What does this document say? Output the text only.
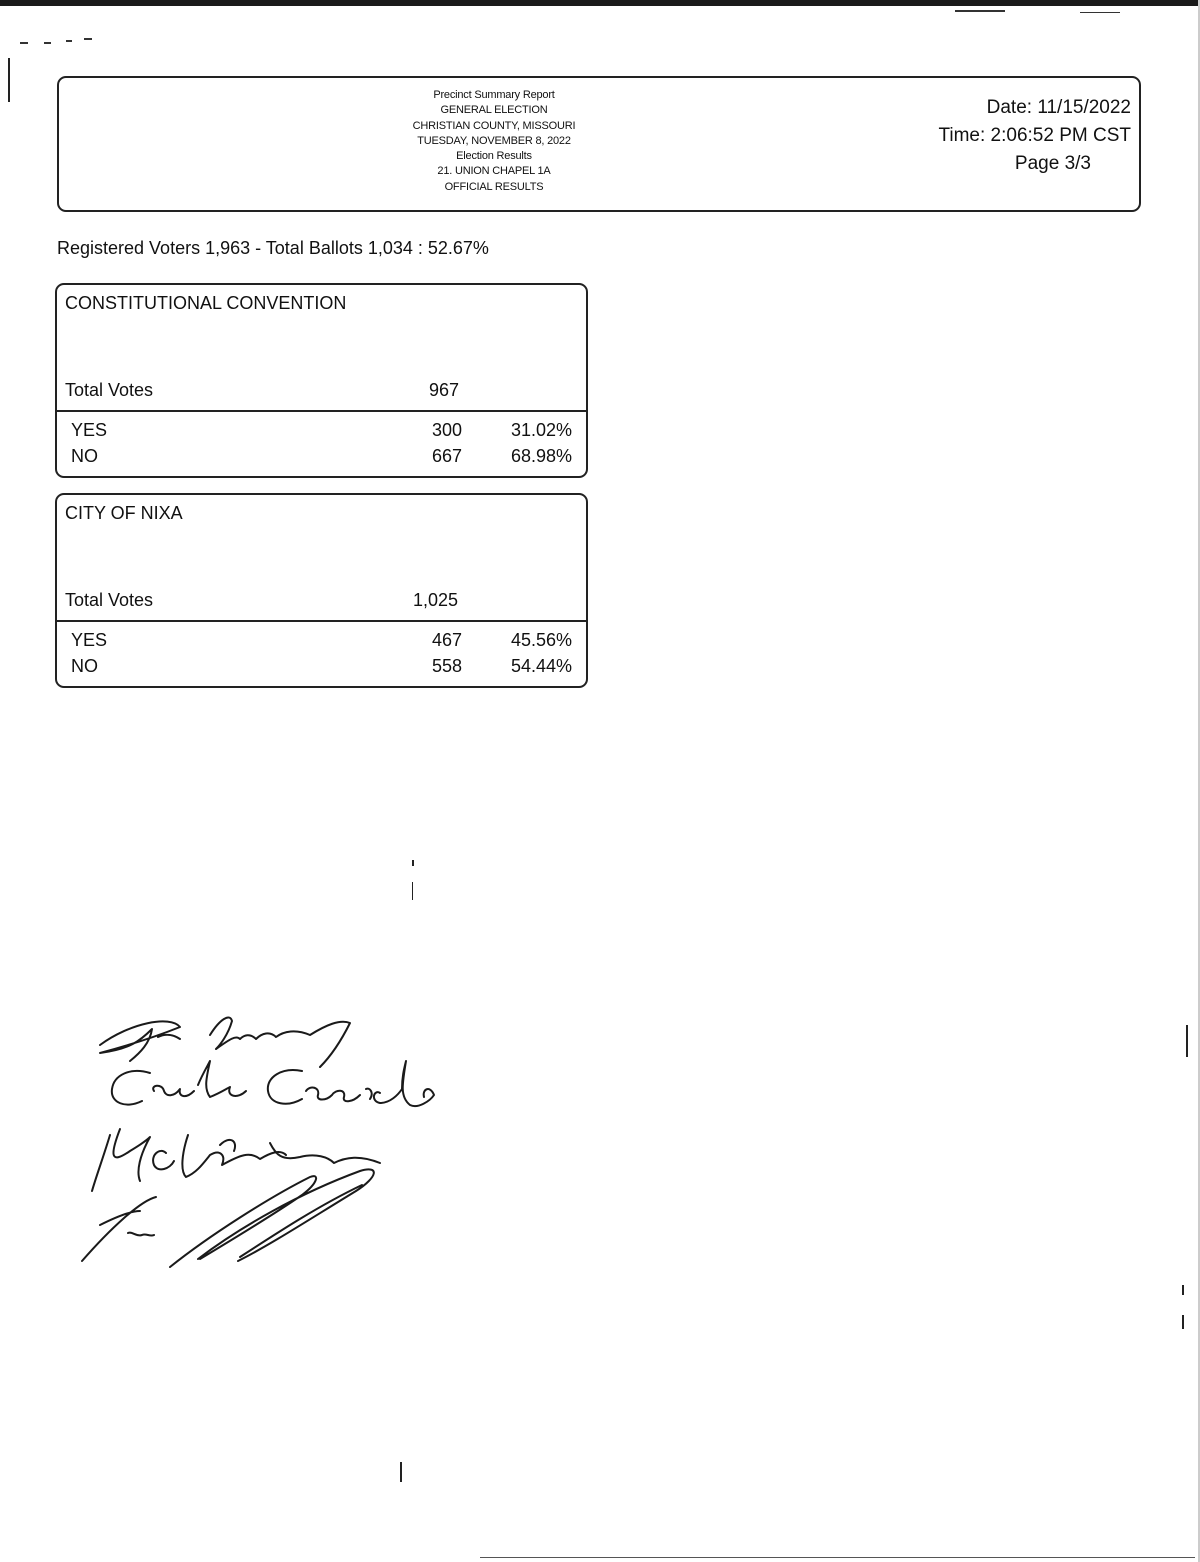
Precinct Summary Report
GENERAL ELECTION
CHRISTIAN COUNTY, MISSOURI
TUESDAY, NOVEMBER 8, 2022
Election Results
21. UNION CHAPEL 1A
OFFICIAL RESULTS
Date: 11/15/2022
Time: 2:06:52 PM CST
Page 3/3
Registered Voters 1,963 - Total Ballots 1,034 : 52.67%
CONSTITUTIONAL CONVENTION
Total Votes	967
YES	300	31.02%
NO	667	68.98%
CITY OF NIXA
Total Votes	1,025
YES	467	45.56%
NO	558	54.44%
